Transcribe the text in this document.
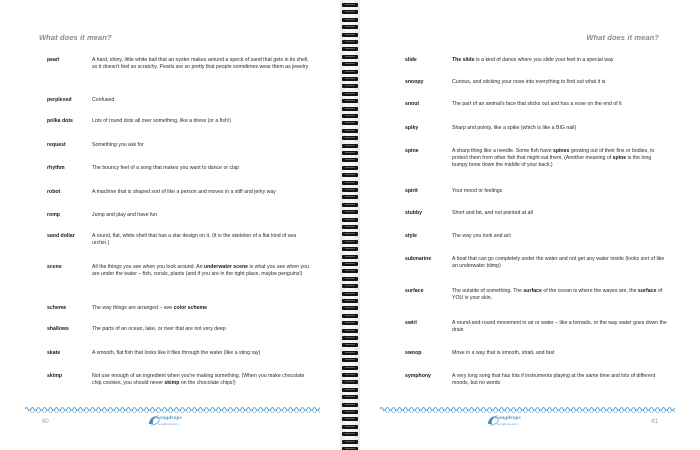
What does it mean?
pearl	A hard, shiny, little white ball that an oyster makes around a speck of sand that gets in its shell, so it doesn't feel so scratchy. Pearls are so pretty that people sometimes wear them as jewelry
perplexed	Confused
polka dots	Lots of round dots all over something, like a dress (or a fish!)
request	Something you ask for
rhythm	The bouncy feel of a song that makes you want to dance or clap
robot	A machine that is shaped sort of like a person and moves in a stiff and jerky way
romp	Jump and play and have fun
sand dollar	A round, flat, white shell that has a star design on it. (It is the skeleton of a flat kind of sea urchin.)
scene	All the things you see when you look around. An underwater scene is what you see when you are under the water – fish, corals, plants (and if you are in the right place, maybe penguins!)
scheme	The way things are arranged – see color scheme
shallows	The parts of an ocean, lake, or river that are not very deep
skate	A smooth, flat fish that looks like it flies through the water (like a sting ray)
skimp	Not use enough of an ingredient when you're making something. (When you make chocolate chip cookies, you should never skimp on the chocolate chips!)
60
Songdrops
songdrops.com
What does it mean?
slide	The slide is a kind of dance where you slide your feet in a special way
snoopy	Curious, and sticking your nose into everything to find out what it is
snout	The part of an animal's face that sticks out and has a nose on the end of it
spiky	Sharp and pointy, like a spike (which is like a BIG nail)
spine	A sharp thing like a needle. Some fish have spines growing out of their fins or bodies, to protect them from other fish that might eat them. (Another meaning of spine is the long bumpy bone down the middle of your back.)
spirit	Your mood or feelings
stubby	Short and fat, and not pointed at all
style	The way you look and act
submarine	A boat that can go completely under the water and not get any water inside (looks sort of like an underwater blimp)
surface	The outside of something. The surface of the ocean is where the waves are, the surface of YOU is your skin.
swirl	A round-and-round movement in air or water – like a tornado, or the way water goes down the drain
swoop	Move in a way that is smooth, strait, and fast
symphony	A very long song that has lots if instruments playing at the same time and lots of different moods, but no words
61
Songdrops
songdrops.com
